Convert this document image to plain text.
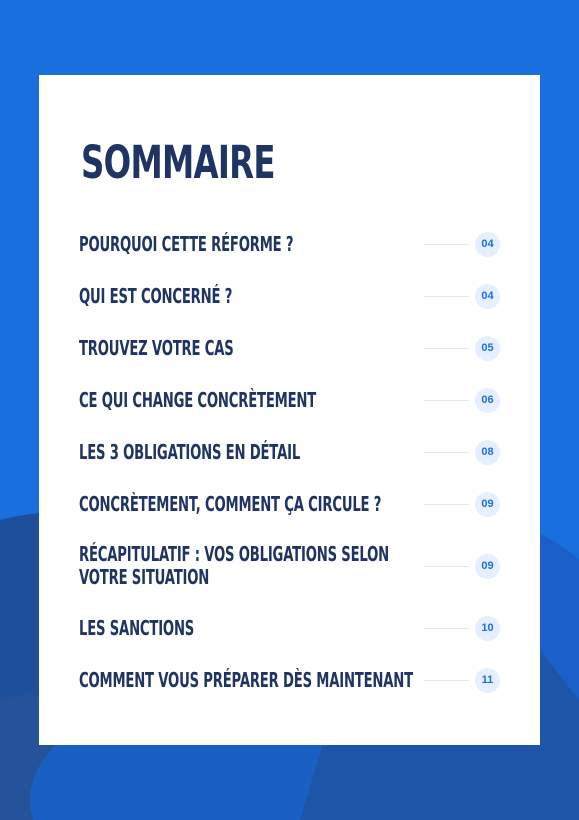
SOMMAIRE
POURQUOI CETTE RÉFORME ?	04
QUI EST CONCERNÉ ?	04
TROUVEZ VOTRE CAS	05
CE QUI CHANGE CONCRÈTEMENT	06
LES 3 OBLIGATIONS EN DÉTAIL	08
CONCRÈTEMENT, COMMENT ÇA CIRCULE ?	09
RÉCAPITULATIF : VOS OBLIGATIONS SELON VOTRE SITUATION	09
LES SANCTIONS	10
COMMENT VOUS PRÉPARER DÈS MAINTENANT	11
